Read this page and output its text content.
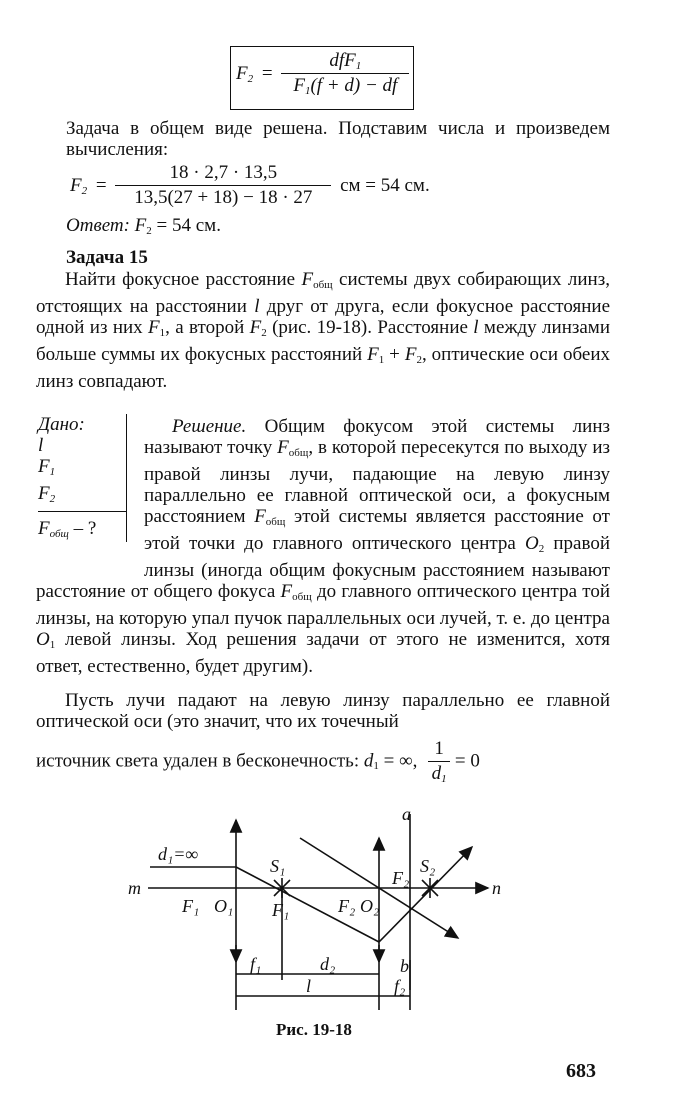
$F_2 = \frac{dfF_1}{F_1(f + d) - df}$
Задача в общем виде решена. Подставим числа и произведем вычисления:
$F_2 = \frac{18 \cdot 2,7 \cdot 13,5}{13,5(27 + 18) - 18 \cdot 27}$ см = 54 см.
Ответ: $F_2 = 54$ см.
Задача 15
Найти фокусное расстояние $F_{общ}$ системы двух собирающих линз, отстоящих на расстоянии l друг от друга, если фокусное расстояние одной из них $F_1$, а второй $F_2$ (рис. 19-18). Расстояние l между линзами больше суммы их фокусных расстояний $F_1 + F_2$, оптические оси обеих линз совпадают.
Дано:
l
$F_1$
$F_2$
$F_{общ}$ – ?
Решение. Общим фокусом этой системы линз называют точку $F_{общ}$, в которой пересекутся по выходу из правой линзы лучи, падающие на левую линзу параллельно ее главной оптической оси, а фокусным расстоянием $F_{общ}$ этой системы является расстояние от этой точки до главного оптического центра $O_2$ правой линзы (иногда общим фокусным расстоянием называют расстояние от общего фокуса $F_{общ}$ до главного оптического центра той линзы, на которую упал пучок параллельных оси лучей, т. е. до центра $O_1$ левой линзы. Ход решения задачи от этого не изменится, хотя ответ, естественно, будет другим).
Пусть лучи падают на левую линзу параллельно ее главной оптической оси (это значит, что их точечный
источник света удален в бесконечность: $d_1$ = ∞, $\frac{1}{d_1} = 0$
m	n
d₁=∞
S₁	S₂
F₁ O₁ F₁	F₂ O₂
F₂
a
b
f₁	d₂
l	f₂
Рис. 19-18
683
